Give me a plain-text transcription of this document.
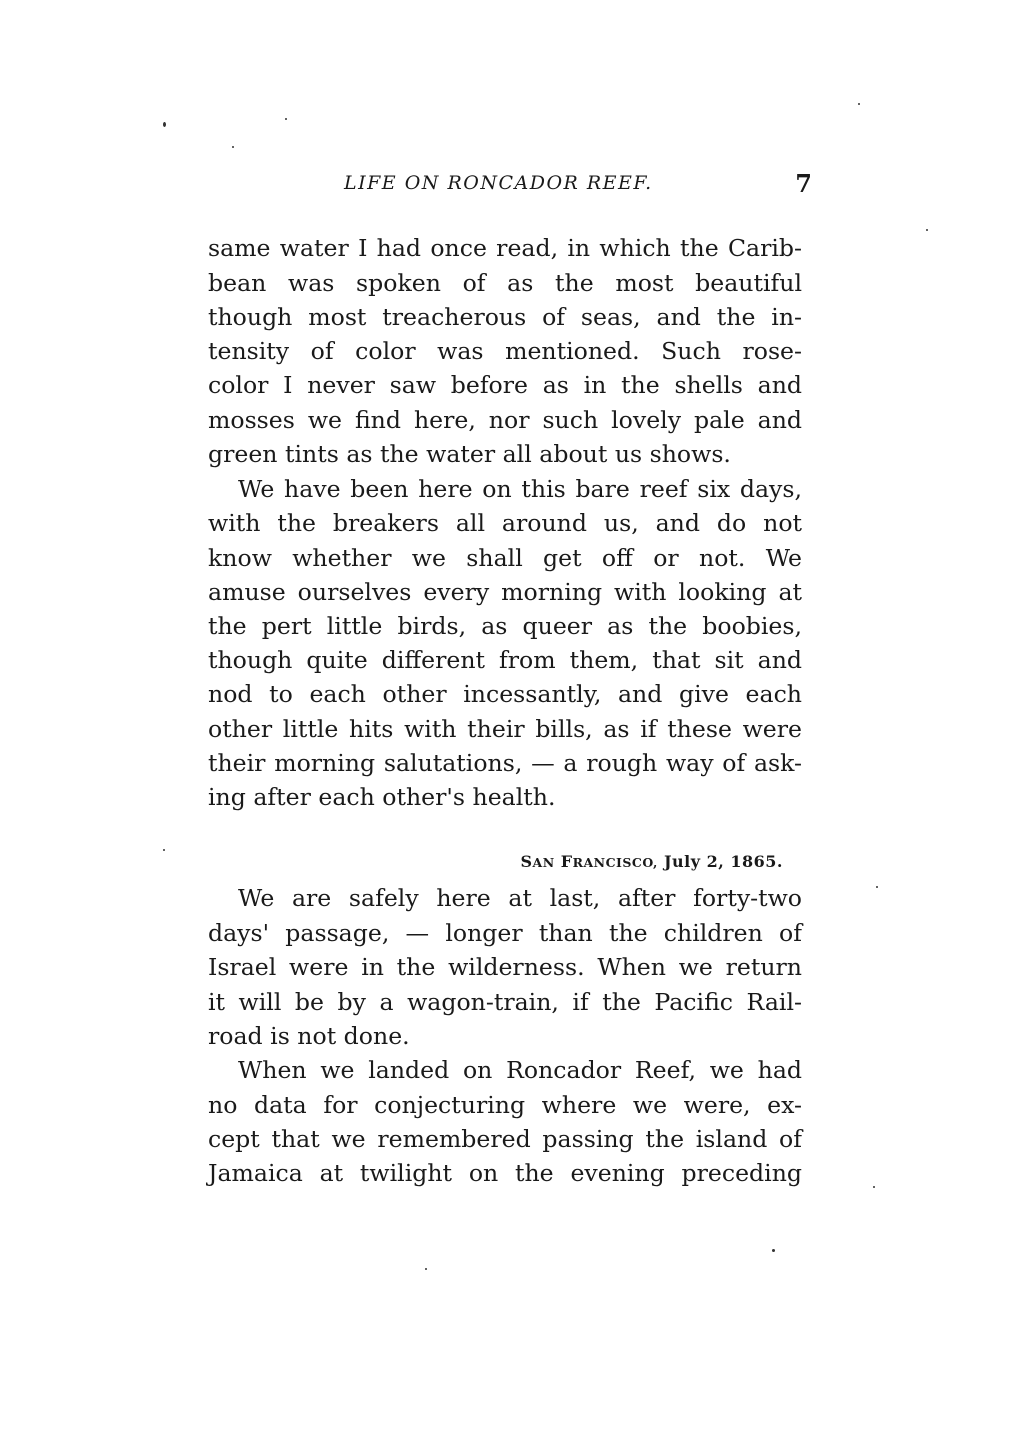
LIFE ON RONCADOR REEF.	7
same water I had once read, in which the Carib-
bean was spoken of as the most beautiful
though most treacherous of seas, and the in-
tensity of color was mentioned. Such rose-
color I never saw before as in the shells and
mosses we find here, nor such lovely pale and
green tints as the water all about us shows.
We have been here on this bare reef six days,
with the breakers all around us, and do not
know whether we shall get off or not. We
amuse ourselves every morning with looking at
the pert little birds, as queer as the boobies,
though quite different from them, that sit and
nod to each other incessantly, and give each
other little hits with their bills, as if these were
their morning salutations, — a rough way of ask-
ing after each other's health.
SAN FRANCISCO, July 2, 1865.
We are safely here at last, after forty-two
days' passage, — longer than the children of
Israel were in the wilderness. When we return
it will be by a wagon-train, if the Pacific Rail-
road is not done.
When we landed on Roncador Reef, we had
no data for conjecturing where we were, ex-
cept that we remembered passing the island of
Jamaica at twilight on the evening preceding
